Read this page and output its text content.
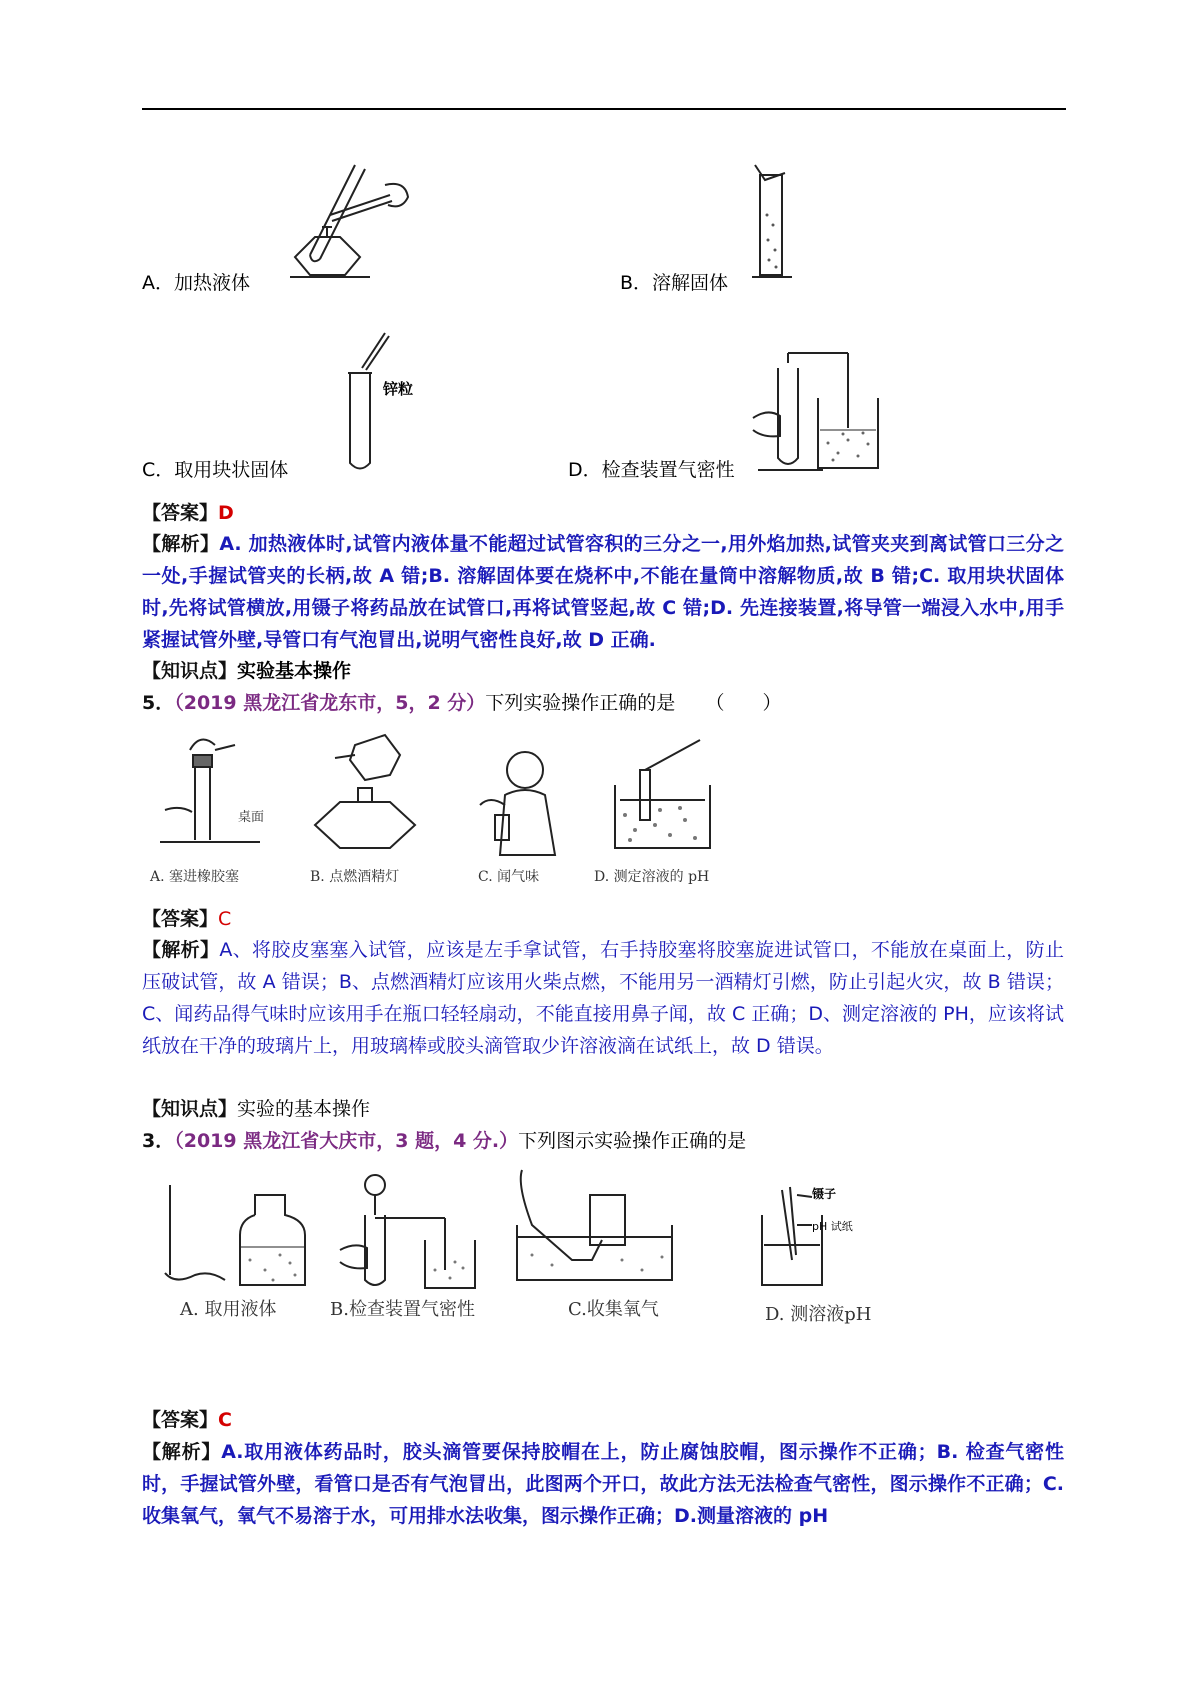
A．加热液体	B．溶解固体
锌粒
C．取用块状固体	D．检查装置气密性
【答案】D
【解析】A. 加热液体时,试管内液体量不能超过试管容积的三分之一,用外焰加热,试管夹夹到离试管口三分之一处,手握试管夹的长柄,故 A 错;B. 溶解固体要在烧杯中,不能在量筒中溶解物质,故 B 错;C. 取用块状固体时,先将试管横放,用镊子将药品放在试管口,再将试管竖起,故 C 错;D. 先连接装置,将导管一端浸入水中,用手紧握试管外壁,导管口有气泡冒出,说明气密性良好,故 D 正确.
【知识点】实验基本操作
5．（2019 黑龙江省龙东市，5，2 分）下列实验操作正确的是 （　　）
桌面
A. 塞进橡胶塞	B. 点燃酒精灯	C. 闻气味	D. 测定溶液的 pH
【答案】C
【解析】A、将胶皮塞塞入试管，应该是左手拿试管，右手持胶塞将胶塞旋进试管口，不能放在桌面上，防止压破试管，故 A 错误；B、点燃酒精灯应该用火柴点燃，不能用另一酒精灯引燃，防止引起火灾，故 B 错误；C、闻药品得气味时应该用手在瓶口轻轻扇动，不能直接用鼻子闻，故 C 正确；D、测定溶液的 PH，应该将试纸放在干净的玻璃片上，用玻璃棒或胶头滴管取少许溶液滴在试纸上，故 D 错误。
【知识点】实验的基本操作
3．（2019 黑龙江省大庆市，3 题，4 分.）下列图示实验操作正确的是
A. 取用液体	B.检查装置气密性	C.收集氧气
镊子
pH 试纸
D. 测溶液pH
【答案】C
【解析】A.取用液体药品时，胶头滴管要保持胶帽在上，防止腐蚀胶帽，图示操作不正确；B. 检查气密性时，手握试管外壁，看管口是否有气泡冒出，此图两个开口，故此方法无法检查气密性，图示操作不正确；C.收集氧气，氧气不易溶于水，可用排水法收集，图示操作正确；D.测量溶液的 pH
